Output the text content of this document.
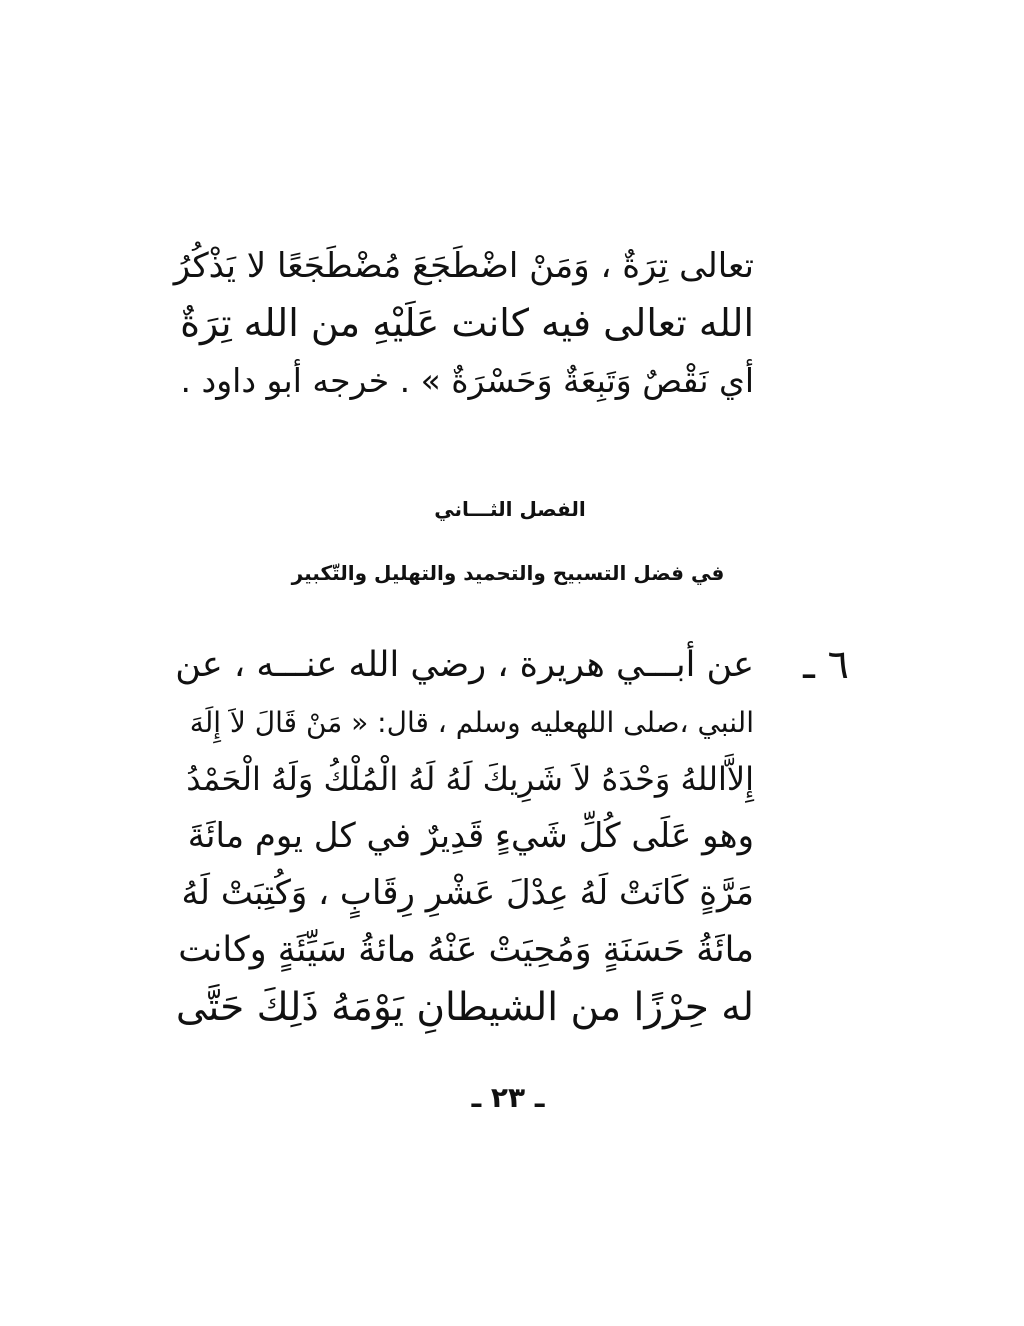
تعالى تِرَةٌ ، وَمَنْ اضْطَجَعَ مُضْطَجَعًا لا يَذْكُرُ
الله تعالى فيه كانت عَلَيْهِ من الله تِرَةٌ
أي نَقْصٌ وَتَبِعَةٌ وَحَسْرَةٌ » . خرجه أبو داود .
الفصل الثـــاني
في فضل التسبيح والتحميد والتهليل والتّكبير
٦ ـ
عن أبـــي هريرة ، رضي الله عنـــه ، عن
النبي ،صلى اللهعليه وسلم ، قال: « مَنْ قَالَ لاَ إِلَهَ
إِلاَّاللهُ وَحْدَهُ لاَ شَرِيكَ لَهُ لَهُ الْمُلْكُ وَلَهُ الْحَمْدُ
وهو عَلَى كُلِّ شَيءٍ قَدِيرٌ في كل يوم مائَةَ
مَرَّةٍ كَانَتْ لَهُ عِدْلَ عَشْرِ رِقَابٍ ، وَكُتِبَتْ لَهُ
مائَةُ حَسَنَةٍ وَمُحِيَتْ عَنْهُ مائةُ سَيِّئَةٍ وكانت
له حِرْزًا من الشيطانِ يَوْمَهُ ذَلِكَ حَتَّى
ـ ٢٣ ـ
